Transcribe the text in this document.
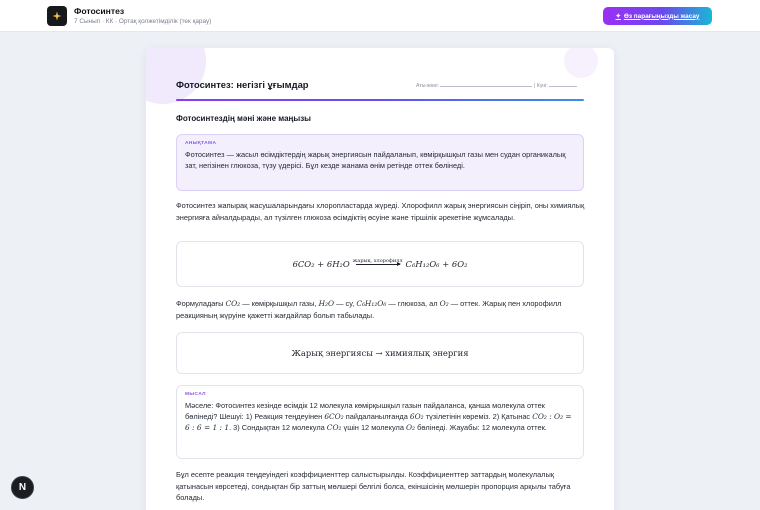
Фотосинтез
7 Сынып · КК · Ортақ қолжетімділік (тек қарау)
✦ Өз парағыңызды жасау
Фотосинтез: негізгі ұғымдар	Аты-жөні:	| Күні:
Фотосинтездің мәні және маңызы
АНЫҚТАМА
Фотосинтез — жасыл өсімдіктердің жарық энергиясын пайдаланып, көмірқышқыл газы мен судан органикалық зат, негізінен глюкоза, түзу үдерісі. Бұл кезде жанама өнім ретінде оттек бөлінеді.
Фотосинтез жапырақ жасушаларындағы хлоропластарда жүреді. Хлорофилл жарық энергиясын сіңіріп, оны химиялық энергияға айналдырады, ал түзілген глюкоза өсімдіктің өсуіне және тіршілік әрекетіне жұмсалады.
6CO₂ + 6H₂O жарық, хлорофилл C₆H₁₂O₆ + 6O₂
Формуладағы CO₂ — көмірқышқыл газы, H₂O — су, C₆H₁₂O₆ — глюкоза, ал O₂ — оттек. Жарық пен хлорофилл реакцияның жүруіне қажетті жағдайлар болып табылады.
Жарық энергиясы → химиялық энергия
МЫСАЛ
Мәселе: Фотосинтез кезінде өсімдік 12 молекула көмірқышқыл газын пайдаланса, қанша молекула оттек бөлінеді? Шешуі: 1) Реакция теңдеуінен 6CO₂ пайдаланылғанда 6O₂ түзілетінін көреміз. 2) Қатынас CO₂ : O₂ = 6 : 6 = 1 : 1. 3) Сондықтан 12 молекула CO₂ үшін 12 молекула O₂ бөлінеді. Жауабы: 12 молекула оттек.
Бұл есепте реакция теңдеуіндегі коэффициенттер салыстырылды. Коэффициенттер заттардың молекулалық қатынасын көрсетеді, сондықтан бір заттың мөлшері белгілі болса, екіншісінің мөлшерін пропорция арқылы табуға болады.
N
